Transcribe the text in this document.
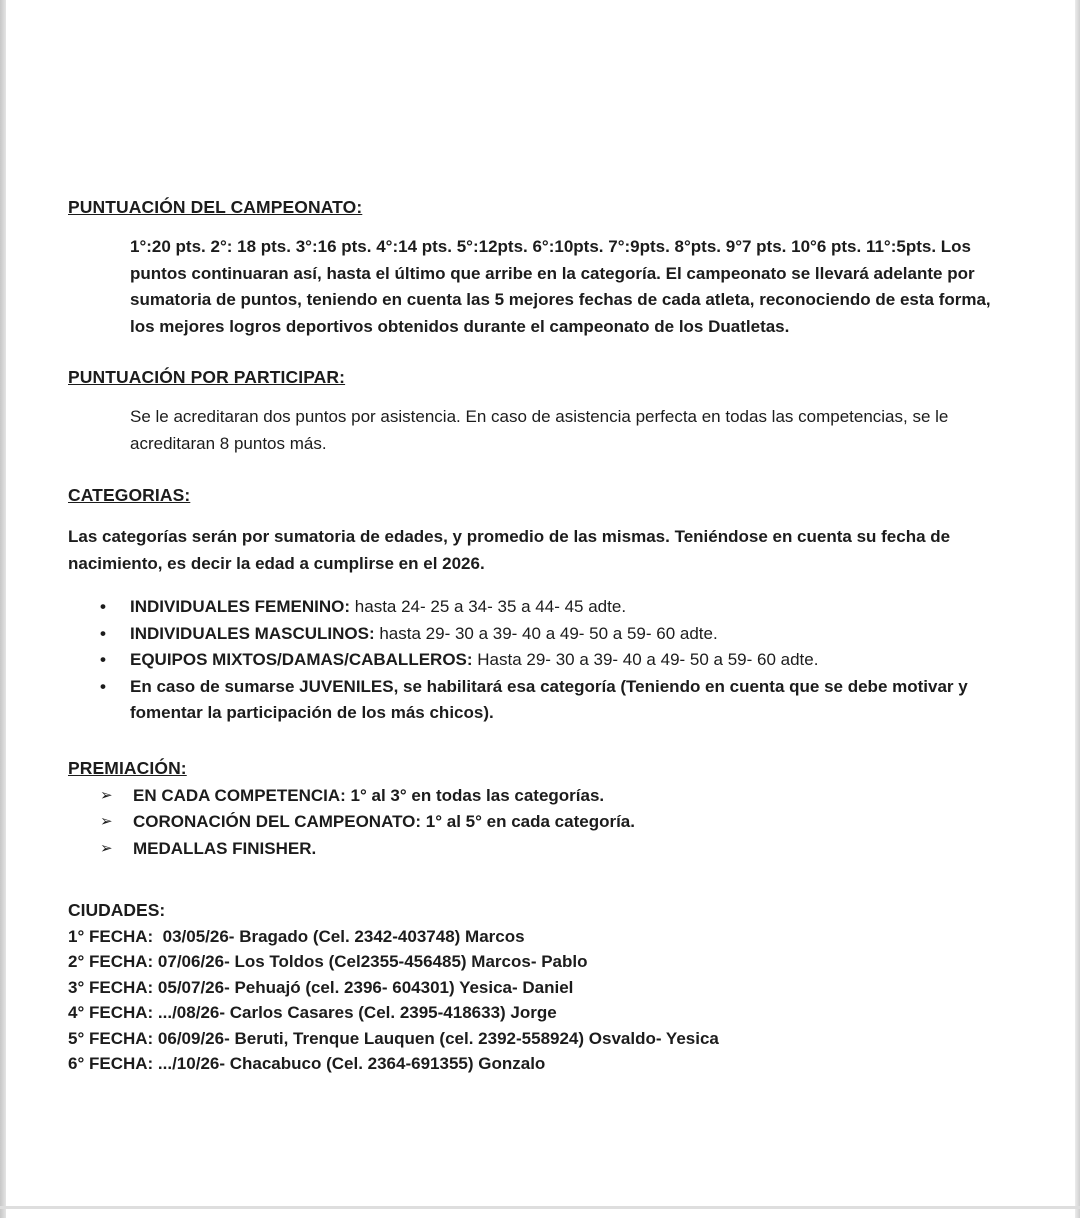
PUNTUACIÓN DEL CAMPEONATO:

1°:20 pts. 2°: 18 pts. 3°:16 pts. 4°:14 pts. 5°:12pts. 6°:10pts. 7°:9pts. 8°pts. 9°7 pts. 10°6 pts. 11°:5pts. Los puntos continuaran así, hasta el último que arribe en la categoría. El campeonato se llevará adelante por sumatoria de puntos, teniendo en cuenta las 5 mejores fechas de cada atleta, reconociendo de esta forma, los mejores logros deportivos obtenidos durante el campeonato de los Duatletas.

PUNTUACIÓN POR PARTICIPAR:

Se le acreditaran dos puntos por asistencia. En caso de asistencia perfecta en todas las competencias, se le acreditaran 8 puntos más.

CATEGORIAS:

Las categorías serán por sumatoria de edades, y promedio de las mismas. Teniéndose en cuenta su fecha de nacimiento, es decir la edad a cumplirse en el 2026.

•	INDIVIDUALES FEMENINO: hasta 24- 25 a 34- 35 a 44- 45 adte.
•	INDIVIDUALES MASCULINOS: hasta 29- 30 a 39- 40 a 49- 50 a 59- 60 adte.
•	EQUIPOS MIXTOS/DAMAS/CABALLEROS: Hasta 29- 30 a 39- 40 a 49- 50 a 59- 60 adte.
•	En caso de sumarse JUVENILES, se habilitará esa categoría (Teniendo en cuenta que se debe motivar y fomentar la participación de los más chicos).
PREMIACIÓN:
➢	EN CADA COMPETENCIA: 1° al 3° en todas las categorías.
➢	CORONACIÓN DEL CAMPEONATO: 1° al 5° en cada categoría.
➢	MEDALLAS FINISHER.
CIUDADES:
1° FECHA:  03/05/26- Bragado (Cel. 2342-403748) Marcos
2° FECHA: 07/06/26- Los Toldos (Cel2355-456485) Marcos- Pablo
3° FECHA: 05/07/26- Pehuajó (cel. 2396- 604301) Yesica- Daniel
4° FECHA: .../08/26- Carlos Casares (Cel. 2395-418633) Jorge
5° FECHA: 06/09/26- Beruti, Trenque Lauquen (cel. 2392-558924) Osvaldo- Yesica
6° FECHA: .../10/26- Chacabuco (Cel. 2364-691355) Gonzalo
